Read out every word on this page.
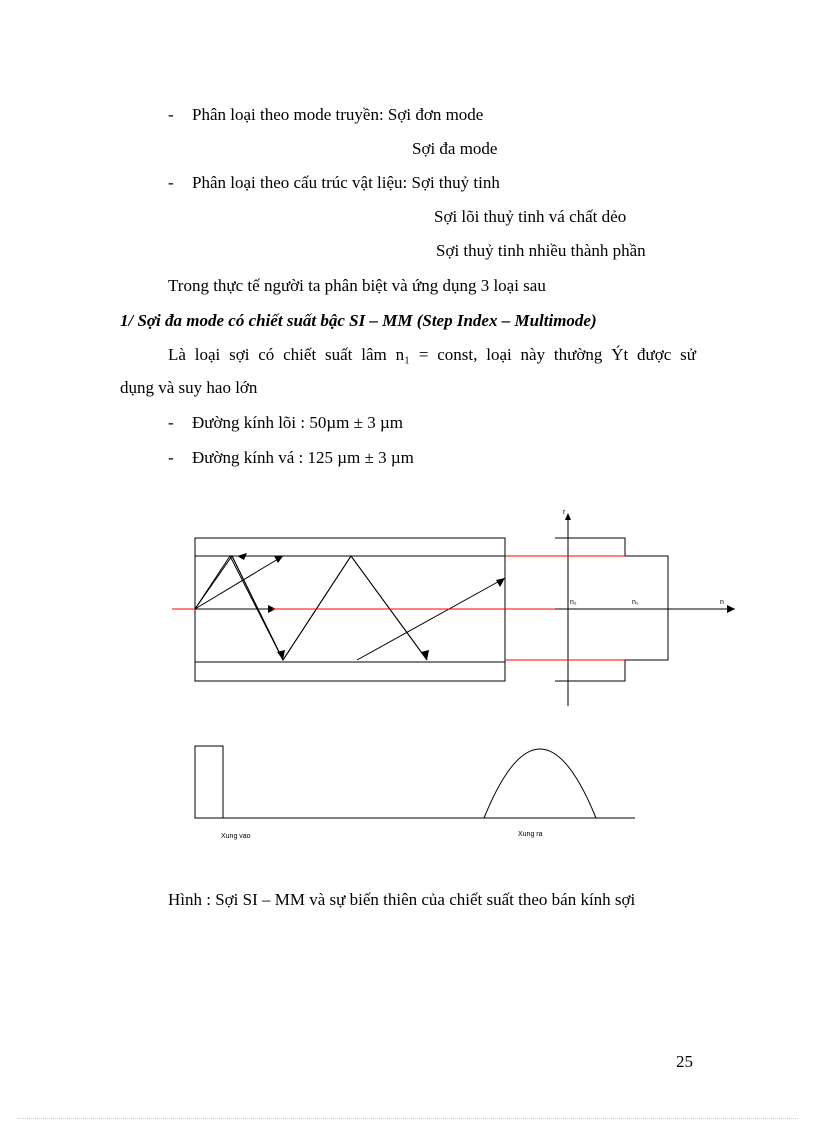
- Phân loại theo mode truyền: Sợi đơn mode
Sợi đa mode
- Phân loại theo cấu trúc vật liệu: Sợi thuỷ tinh
Sợi lõi thuỷ tinh vá chất dẻo
Sợi thuỷ tinh nhiều thành phần
Trong thực tế người ta phân biệt và ứng dụng 3 loại sau
1/ Sợi đa mode có chiết suất bậc SI – MM (Step Index – Multimode)
Là loại sợi có chiết suất lâm n₁ = const, loại này thường Ýt được sử
dụng và suy hao lớn
- Đường kính lõi : 50µm ± 3 µm
- Đường kính vá : 125 µm ± 3 µm
r
n
n₂	n₁
Xung vao	Xung ra
Hình : Sợi SI – MM và sự biến thiên của chiết suất theo bán kính sợi
25
